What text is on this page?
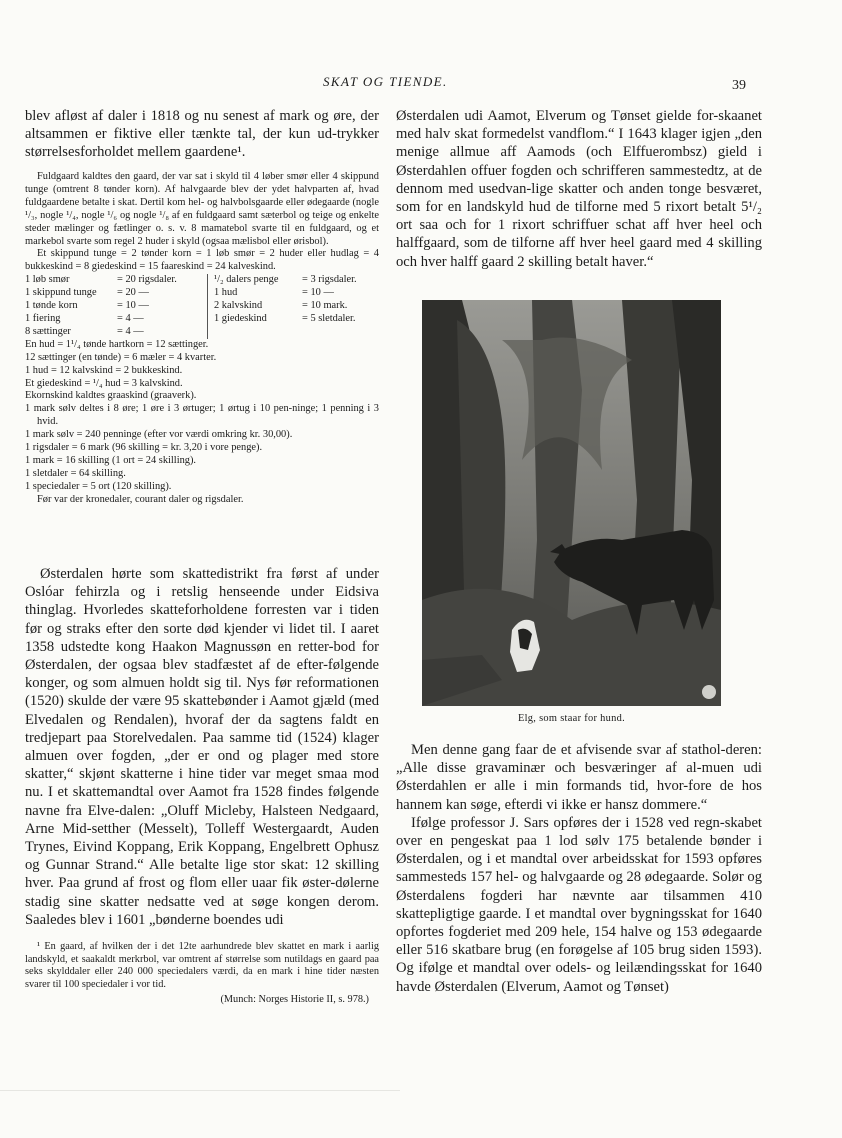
SKAT OG TIENDE.	39

blev afløst af daler i 1818 og nu senest af mark og øre, der altsammen er fiktive eller tænkte tal, der kun ud-trykker størrelsesforholdet mellem gaardene¹.

Fuldgaard kaldtes den gaard, der var sat i skyld til 4 løber smør eller 4 skippund tunge (omtrent 8 tønder korn). Af halvgaarde blev der ydet halvparten af, hvad fuldgaardene betalte i skat. Dertil kom hel- og halvbolsgaarde eller ødegaarde (nogle ¹/₃, nogle ¹/₄, nogle ¹/₆ og nogle ¹/₈ af en fuldgaard samt sæterbol og teige og enkelte steder mælinger og fætlinger o. s. v. 8 mamatebol svarte til en fuldgaard, og et markebol svarte som regel 2 huder i skyld (ogsaa mælisbol eller ørisbol).

Et skippund tunge = 2 tønder korn = 1 løb smør = 2 huder eller hudlag = 4 bukkeskind = 8 giedeskind = 15 faareskind = 24 kalveskind.

1 løb smør	= 20 rigsdaler.
1 skippund tunge	= 20 —
1 tønde korn	= 10 —
1 fiering	= 4 —
8 sættinger	= 4 —
¹/₂ dalers penge	= 3 rigsdaler.
1 hud	= 10 —
2 kalvskind	= 10 mark.
1 giedeskind	= 5 sletdaler.

En hud = 1¹/₄ tønde hartkorn = 12 sættinger.

12 sættinger (en tønde) = 6 mæler = 4 kvarter.

1 hud = 12 kalvskind = 2 bukkeskind.

Et giedeskind = ¹/₄ hud = 3 kalvskind.

Ekornskind kaldtes graaskind (graaverk).

1 mark sølv deltes i 8 øre; 1 øre i 3 ørtuger; 1 ørtug i 10 pen-ninge; 1 penning i 3 hvid.

1 mark sølv = 240 penninge (efter vor værdi omkring kr. 30,00).

1 rigsdaler = 6 mark (96 skilling = kr. 3,20 i vore penge).

1 mark = 16 skilling (1 ort = 24 skilling).

1 sletdaler = 64 skilling.

1 speciedaler = 5 ort (120 skilling).

Før var der kronedaler, courant daler og rigsdaler.

Østerdalen hørte som skattedistrikt fra først af under Oslóar fehirzla og i retslig henseende under Eidsiva thinglag. Hvorledes skatteforholdene forresten var i tiden før og straks efter den sorte død kjender vi lidet til. I aaret 1358 udstedte kong Haakon Magnussøn en retter-bod for Østerdalen, der ogsaa blev stadfæstet af de efter-følgende konger, og som almuen holdt sig til. Nys før reformationen (1520) skulde der være 95 skattebønder i Aamot gjæld (med Elvedalen og Rendalen), hvoraf der da sagtens faldt en tredjepart paa Storelvedalen. Paa samme tid (1524) klager almuen over fogden, „der er ond og plager med store skatter,“ skjønt skatterne i hine tider var meget smaa mod nu. I et skattemandtal over Aamot fra 1528 findes følgende navne fra Elve-dalen: „Oluff Micleby, Halsteen Nedgaard, Arne Mid-setther (Messelt), Tolleff Westergaardt, Auden Trynes, Eivind Koppang, Erik Koppang, Engelbrett Ophusz og Gunnar Strand.“ Alle betalte lige stor skat: 12 skilling hver. Paa grund af frost og flom eller uaar fik øster-dølerne stadig sine skatter nedsatte ved at søge kongen derom. Saaledes blev i 1601 „bønderne boendes udi

¹ En gaard, af hvilken der i det 12te aarhundrede blev skattet en mark i aarlig landskyld, et saakaldt merkrbol, var omtrent af størrelse som nutildags en gaard paa seks skylddaler eller 240 000 speciedalers værdi, da en mark i hine tider næsten svarer til 100 speciedaler i vor tid.

(Munch: Norges Historie II, s. 978.)

Østerdalen udi Aamot, Elverum og Tønset gielde for-skaanet med halv skat formedelst vandflom.“ I 1643 klager igjen „den menige allmue aff Aamods (och Elffuerombsz) gield i Østerdahlen offuer fogden och schrifferen sammestedtz, at de dennom med usedvan-lige skatter och anden tonge besværet, som for en landskyld hud de tilforne med 5 rixort betalt 5¹/₂ ort saa och for 1 rixort schriffuer schat aff hver heel och halffgaard, som de tilforne aff hver heel gaard med 4 skilling och hver halff gaard 2 skilling betalt haver.“

Elg, som staar for hund.

Men denne gang faar de et afvisende svar af stathol-deren: „Alle disse gravaminær och besværinger af al-muen udi Østerdahlen er alle i min formands tid, hvor-fore de hos hannem kan søge, efterdi vi ikke er hansz dommere.“

Ifølge professor J. Sars opføres der i 1528 ved regn-skabet over en pengeskat paa 1 lod sølv 175 betalende bønder i Østerdalen, og i et mandtal over arbeidsskat for 1593 opføres sammesteds 157 hel- og halvgaarde og 28 ødegaarde. Solør og Østerdalens fogderi har nævnte aar tilsammen 410 skattepligtige gaarde. I et mandtal over bygningsskat for 1640 opfortes fogderiet med 209 hele, 154 halve og 153 ødegaarde eller 516 skatbare brug (en forøgelse af 105 brug siden 1593). Og ifølge et mandtal over odels- og leilændingsskat for 1640 havde Østerdalen (Elverum, Aamot og Tønset)
